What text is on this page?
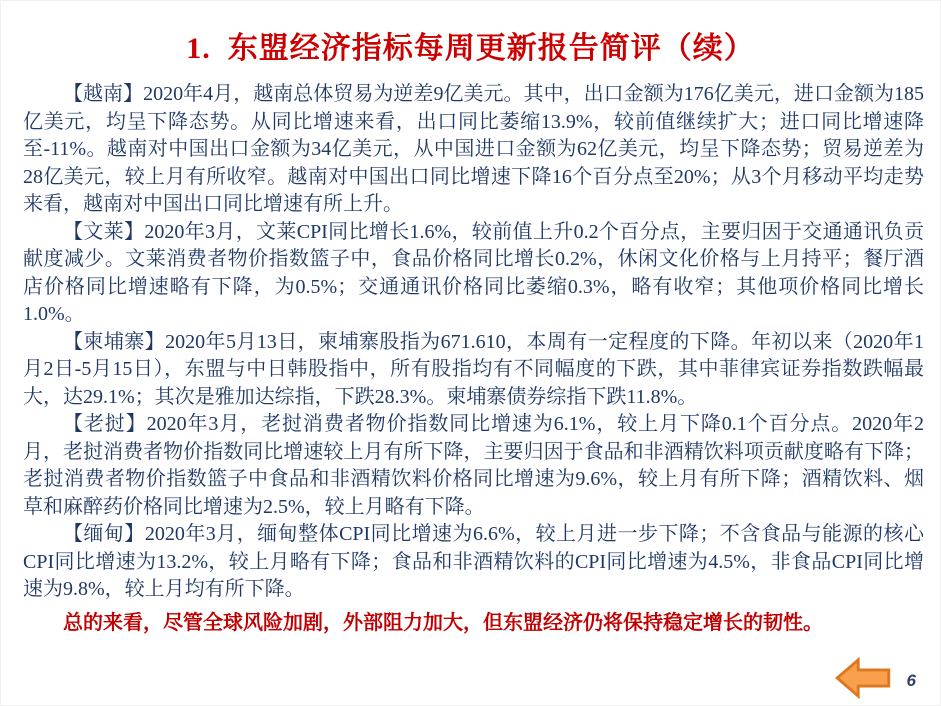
1.  东盟经济指标每周更新报告简评（续）

【越南】2020年4月，越南总体贸易为逆差9亿美元。其中，出口金额为176亿美元，进口金额为185亿美元，均呈下降态势。从同比增速来看，出口同比萎缩13.9%，较前值继续扩大；进口同比增速降至-11%。越南对中国出口金额为34亿美元，从中国进口金额为62亿美元，均呈下降态势；贸易逆差为28亿美元，较上月有所收窄。越南对中国出口同比增速下降16个百分点至20%；从3个月移动平均走势来看，越南对中国出口同比增速有所上升。

【文莱】2020年3月，文莱CPI同比增长1.6%，较前值上升0.2个百分点，主要归因于交通通讯负贡献度减少。文莱消费者物价指数篮子中，食品价格同比增长0.2%，休闲文化价格与上月持平；餐厅酒店价格同比增速略有下降，为0.5%；交通通讯价格同比萎缩0.3%，略有收窄；其他项价格同比增长1.0%。

【柬埔寨】2020年5月13日，柬埔寨股指为671.610，本周有一定程度的下降。年初以来（2020年1月2日-5月15日），东盟与中日韩股指中，所有股指均有不同幅度的下跌，其中菲律宾证券指数跌幅最大，达29.1%；其次是雅加达综指，下跌28.3%。柬埔寨债券综指下跌11.8%。

【老挝】2020年3月，老挝消费者物价指数同比增速为6.1%，较上月下降0.1个百分点。2020年2月，老挝消费者物价指数同比增速较上月有所下降，主要归因于食品和非酒精饮料项贡献度略有下降；老挝消费者物价指数篮子中食品和非酒精饮料价格同比增速为9.6%，较上月有所下降；酒精饮料、烟草和麻醉药价格同比增速为2.5%，较上月略有下降。

【缅甸】2020年3月，缅甸整体CPI同比增速为6.6%，较上月进一步下降；不含食品与能源的核心CPI同比增速为13.2%，较上月略有下降；食品和非酒精饮料的CPI同比增速为4.5%，非食品CPI同比增速为9.8%，较上月均有所下降。

总的来看，尽管全球风险加剧，外部阻力加大，但东盟经济仍将保持稳定增长的韧性。

6
